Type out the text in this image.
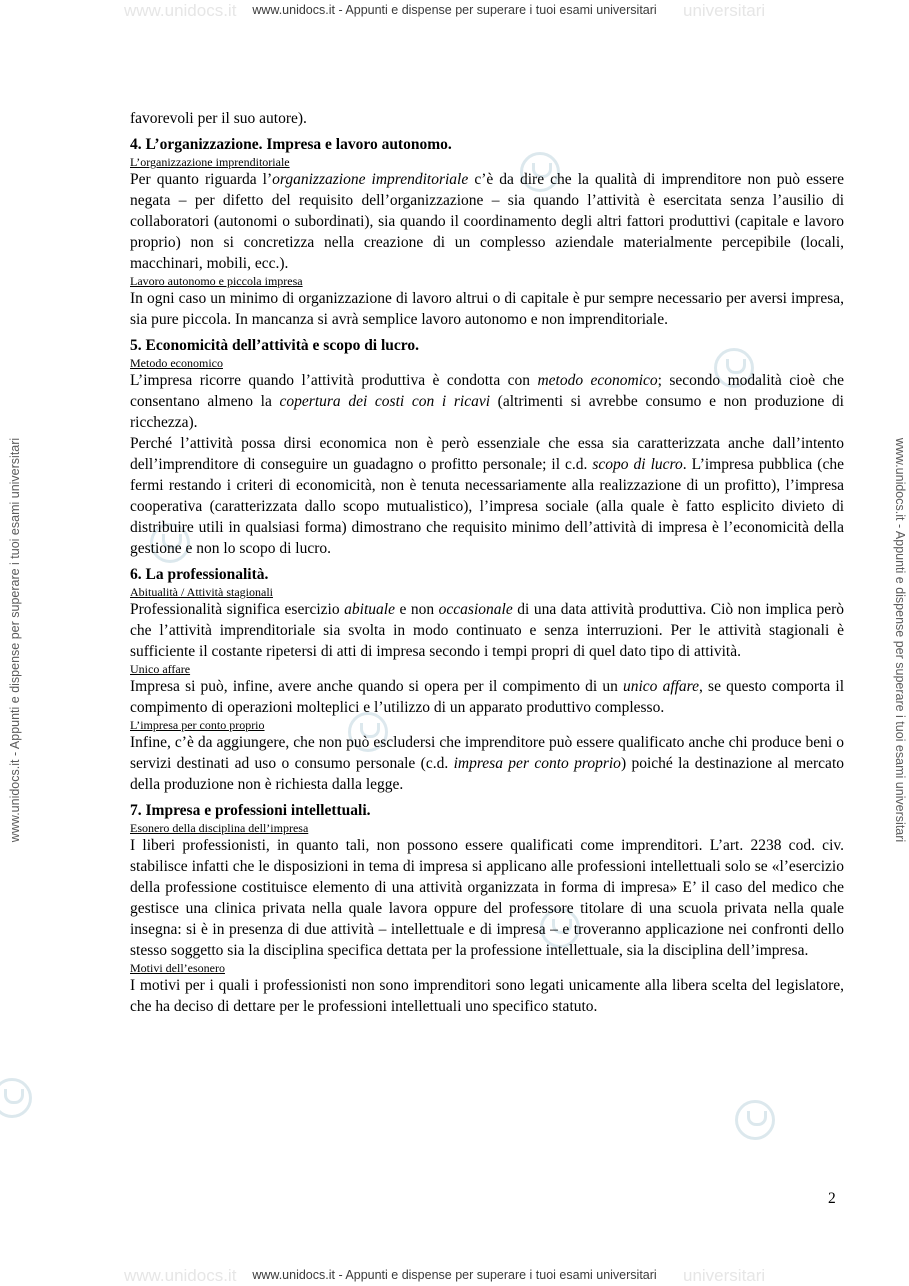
www.unidocs.it	universitari
www.unidocs.it - Appunti e dispense per superare i tuoi esami universitari
www.unidocs.it	universitari
www.unidocs.it - Appunti e dispense per superare i tuoi esami universitari
www.unidocs.it - Appunti e dispense per superare i tuoi esami universitari	www.unidocs.it - Appunti e dispense per superare i tuoi esami universitari

favorevoli per il suo autore).

4. L’organizzazione. Impresa e lavoro autonomo.
L’organizzazione imprenditoriale

Per quanto riguarda l’organizzazione imprenditoriale c’è da dire che la qualità di imprenditore non può essere negata – per difetto del requisito dell’organizzazione – sia quando l’attività è esercitata senza l’ausilio di collaboratori (autonomi o subordinati), sia quando il coordinamento degli altri fattori produttivi (capitale e lavoro proprio) non si concretizza nella creazione di un complesso aziendale materialmente percepibile (locali, macchinari, mobili, ecc.).

Lavoro autonomo e piccola impresa

In ogni caso un minimo di organizzazione di lavoro altrui o di capitale è pur sempre necessario per aversi impresa, sia pure piccola. In mancanza si avrà semplice lavoro autonomo e non imprenditoriale.

5. Economicità dell’attività e scopo di lucro.
Metodo economico

L’impresa ricorre quando l’attività produttiva è condotta con metodo economico; secondo modalità cioè che consentano almeno la copertura dei costi con i ricavi (altrimenti si avrebbe consumo e non produzione di ricchezza).

Perché l’attività possa dirsi economica non è però essenziale che essa sia caratterizzata anche dall’intento dell’imprenditore di conseguire un guadagno o profitto personale; il c.d. scopo di lucro. L’impresa pubblica (che fermi restando i criteri di economicità, non è tenuta necessariamente alla realizzazione di un profitto), l’impresa cooperativa (caratterizzata dallo scopo mutualistico), l’impresa sociale (alla quale è fatto esplicito divieto di distribuire utili in qualsiasi forma) dimostrano che requisito minimo dell’attività di impresa è l’economicità della gestione e non lo scopo di lucro.

6. La professionalità.
Abitualità / Attività stagionali

Professionalità significa esercizio abituale e non occasionale di una data attività produttiva. Ciò non implica però che l’attività imprenditoriale sia svolta in modo continuato e senza interruzioni. Per le attività stagionali è sufficiente il costante ripetersi di atti di impresa secondo i tempi propri di quel dato tipo di attività.

Unico affare

Impresa si può, infine, avere anche quando si opera per il compimento di un unico affare, se questo comporta il compimento di operazioni molteplici e l’utilizzo di un apparato produttivo complesso.

L’impresa per conto proprio

Infine, c’è da aggiungere, che non può escludersi che imprenditore può essere qualificato anche chi produce beni o servizi destinati ad uso o consumo personale (c.d. impresa per conto proprio) poiché la destinazione al mercato della produzione non è richiesta dalla legge.

7. Impresa e professioni intellettuali.
Esonero della disciplina dell’impresa

I liberi professionisti, in quanto tali, non possono essere qualificati come imprenditori. L’art. 2238 cod. civ. stabilisce infatti che le disposizioni in tema di impresa si applicano alle professioni intellettuali solo se «l’esercizio della professione costituisce elemento di una attività organizzata in forma di impresa» E’ il caso del medico che gestisce una clinica privata nella quale lavora oppure del professore titolare di una scuola privata nella quale insegna: si è in presenza di due attività – intellettuale e di impresa – e troveranno applicazione nei confronti dello stesso soggetto sia la disciplina specifica dettata per la professione intellettuale, sia la disciplina dell’impresa.

Motivi dell’esonero

I motivi per i quali i professionisti non sono imprenditori sono legati unicamente alla libera scelta del legislatore, che ha deciso di dettare per le professioni intellettuali uno specifico statuto.

2
